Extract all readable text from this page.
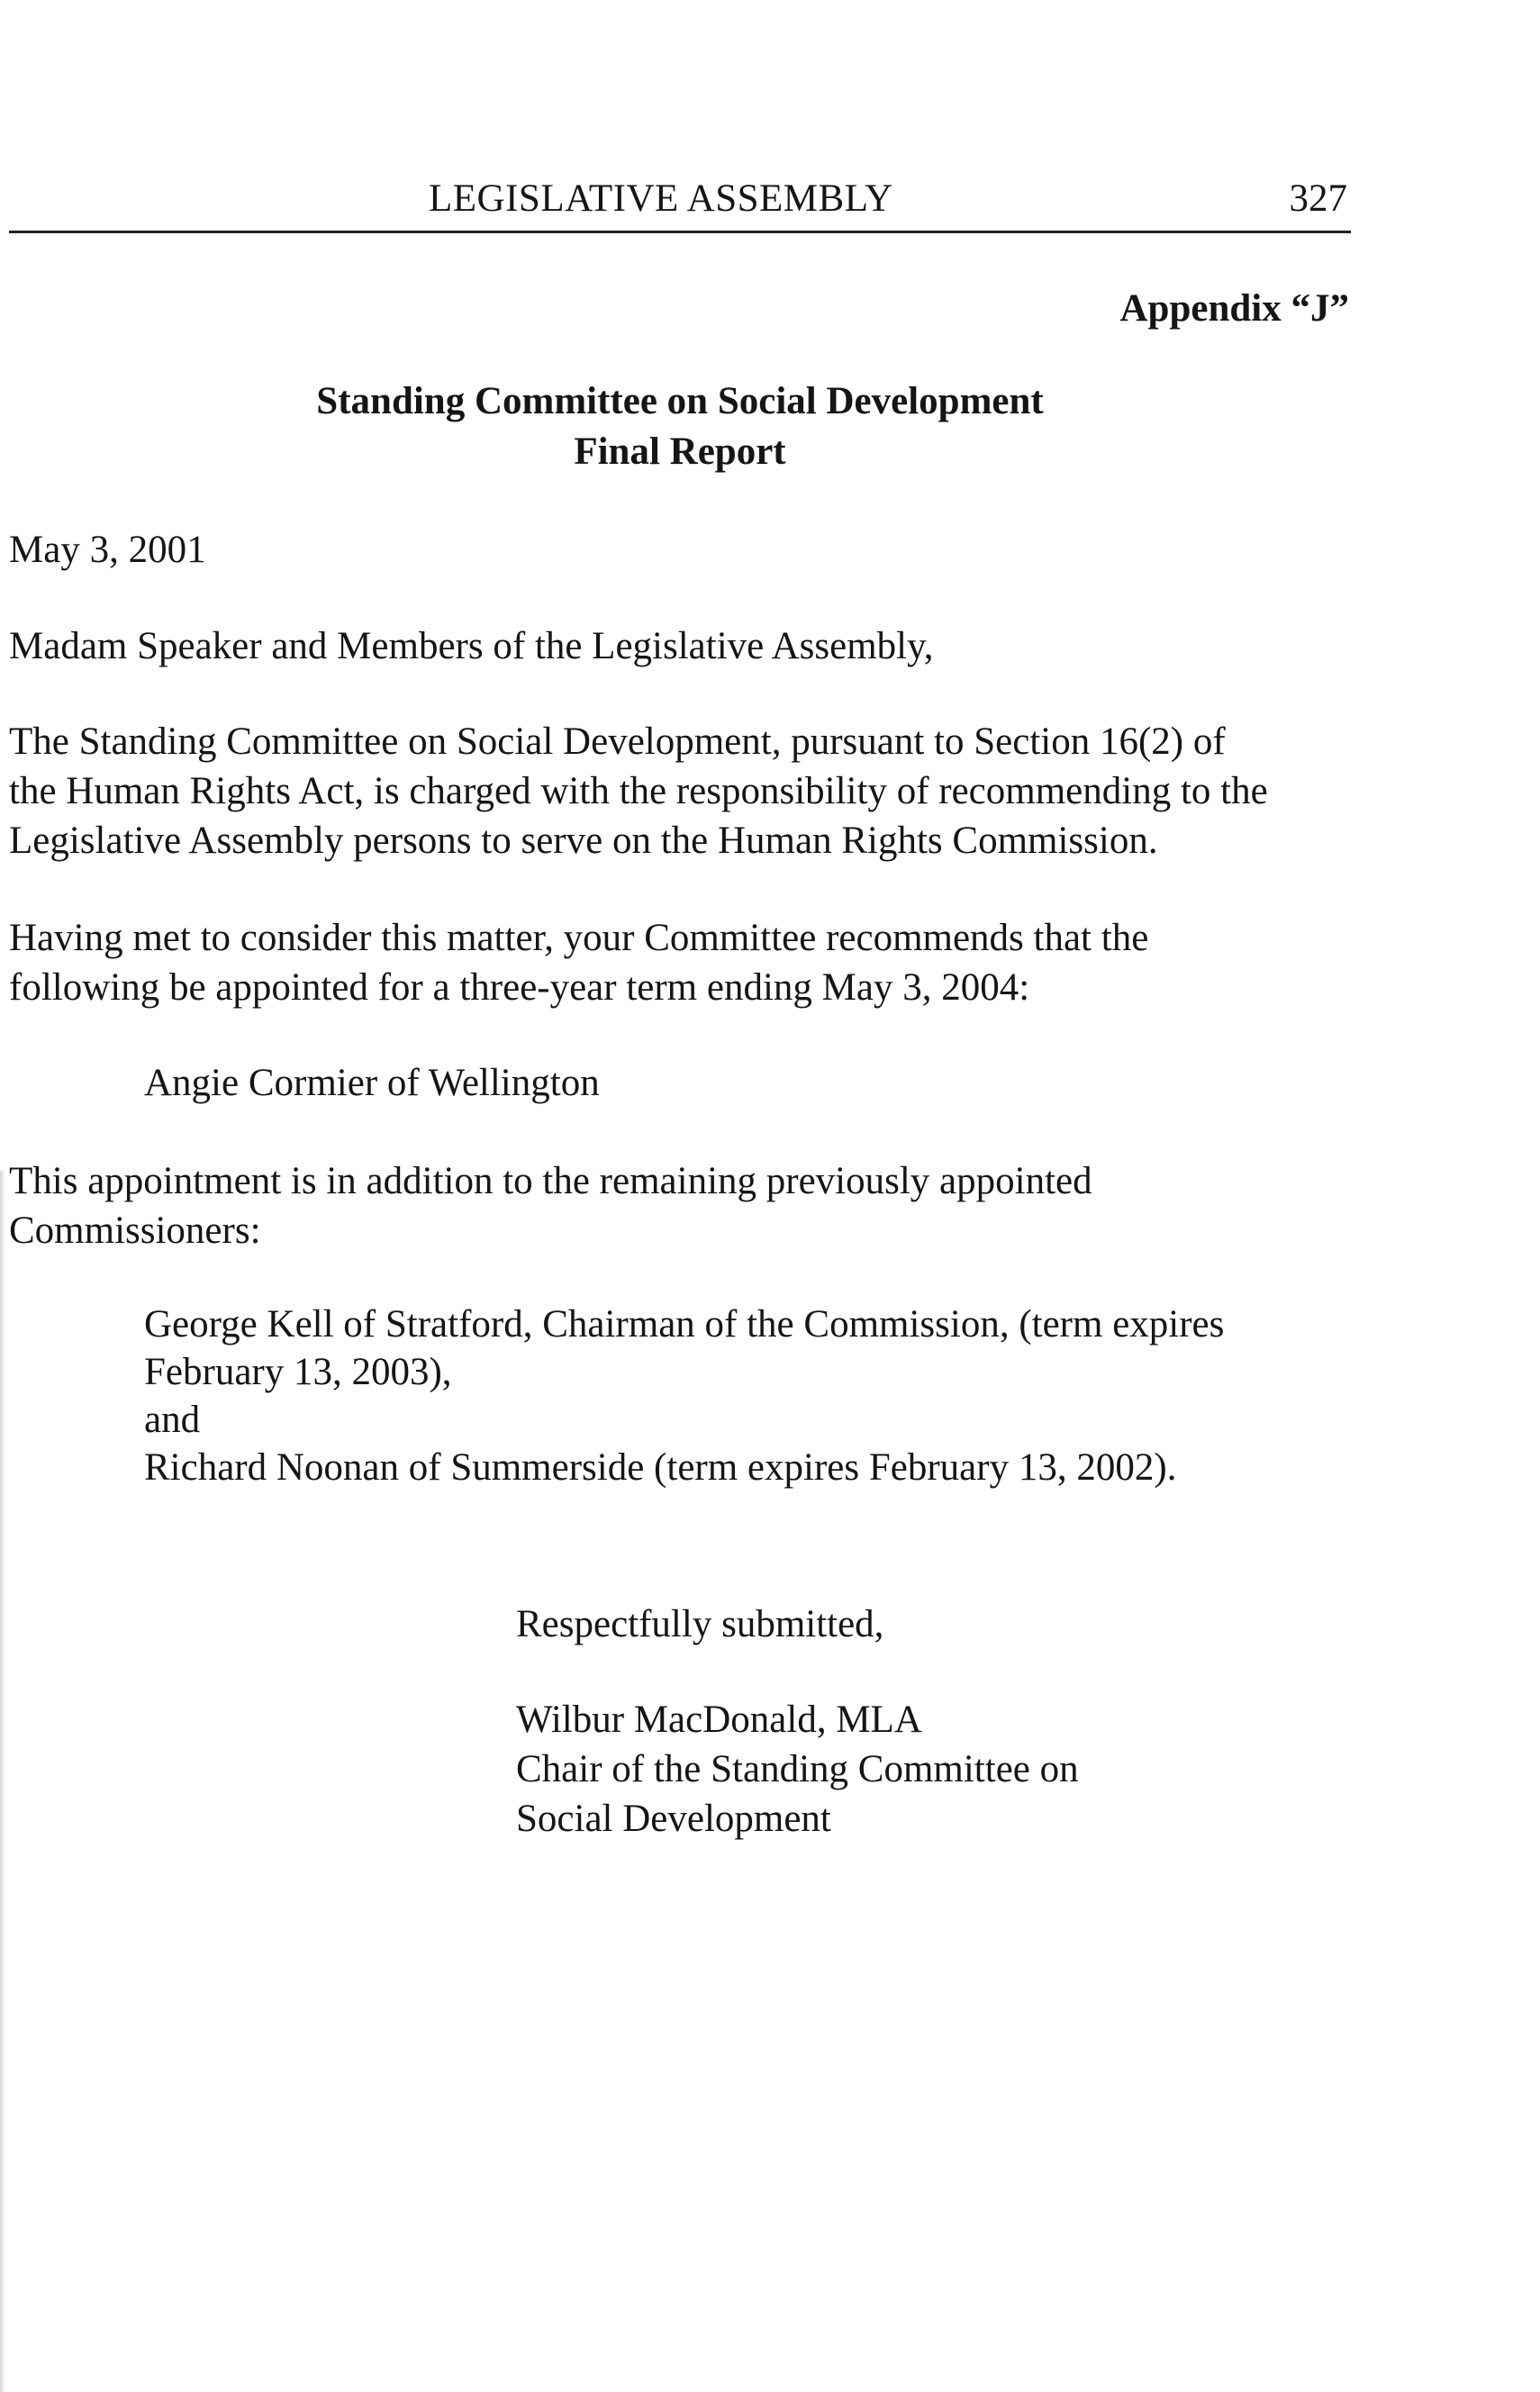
LEGISLATIVE ASSEMBLY	327
Appendix “J”
Standing Committee on Social Development
Final Report
May 3, 2001
Madam Speaker and Members of the Legislative Assembly,
The Standing Committee on Social Development, pursuant to Section 16(2) of
the Human Rights Act, is charged with the responsibility of recommending to the
Legislative Assembly persons to serve on the Human Rights Commission.
Having met to consider this matter, your Committee recommends that the
following be appointed for a three-year term ending May 3, 2004:
Angie Cormier of Wellington
This appointment is in addition to the remaining previously appointed
Commissioners:
George Kell of Stratford, Chairman of the Commission, (term expires
February 13, 2003),
and
Richard Noonan of Summerside (term expires February 13, 2002).
Respectfully submitted,
Wilbur MacDonald, MLA
Chair of the Standing Committee on
Social Development
